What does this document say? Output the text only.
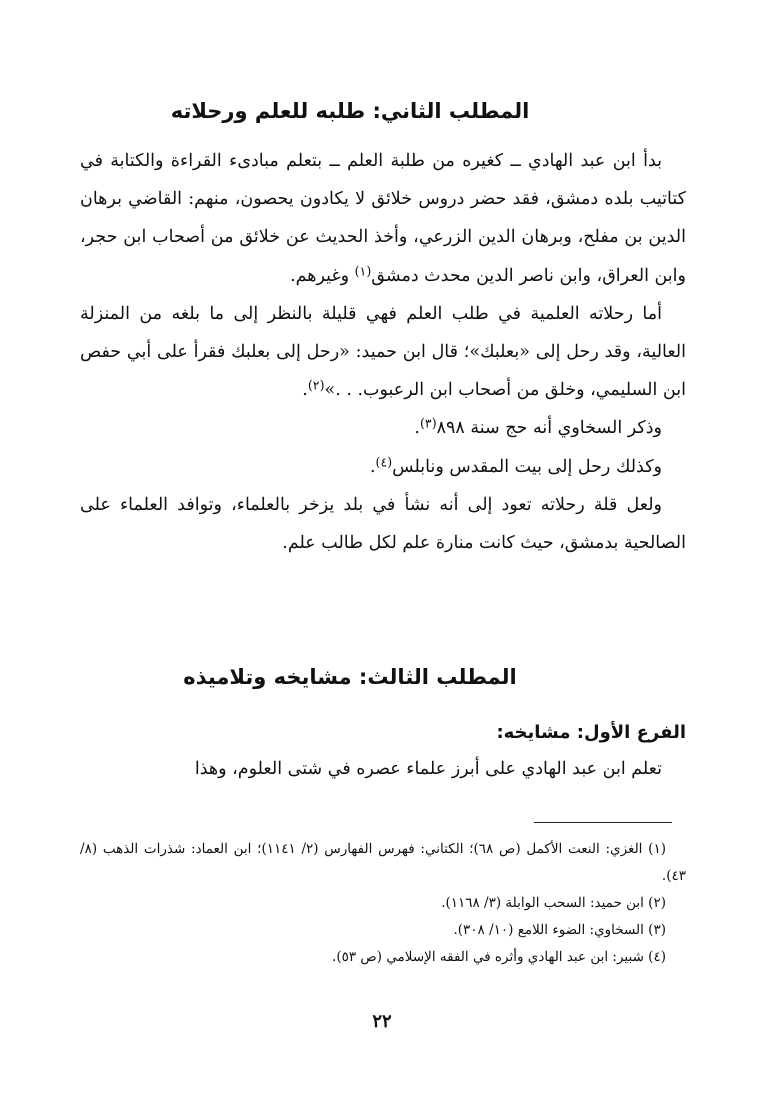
المطلب الثاني: طلبه للعلم ورحلاته

بدأ ابن عبد الهادي ــ كغيره من طلبة العلم ــ بتعلم مبادىء القراءة والكتابة في كتاتيب بلده دمشق، فقد حضر دروس خلائق لا يكادون يحصون، منهم: القاضي برهان الدين بن مفلح، وبرهان الدين الزرعي، وأخذ الحديث عن خلائق من أصحاب ابن حجر، وابن العراق، وابن ناصر الدين محدث دمشق$^{(١)}$ وغيرهم.

أما رحلاته العلمية في طلب العلم فهي قليلة بالنظر إلى ما بلغه من المنزلة العالية، وقد رحل إلى «بعلبك»؛ قال ابن حميد: «رحل إلى بعلبك فقرأ على أبي حفص ابن السليمي، وخلق من أصحاب ابن الرعبوب. . .»$^{(٢)}$.

وذكر السخاوي أنه حج سنة ٨٩٨$^{(٣)}$.

وكذلك رحل إلى بيت المقدس ونابلس$^{(٤)}$.

ولعل قلة رحلاته تعود إلى أنه نشأ في بلد يزخر بالعلماء، وتوافد العلماء على الصالحية بدمشق، حيث كانت منارة علم لكل طالب علم.

المطلب الثالث: مشايخه وتلاميذه
الفرع الأول: مشايخه:

تعلم ابن عبد الهادي على أبرز علماء عصره في شتى العلوم، وهذا

(١) الغزي: النعت الأكمل (ص ٦٨)؛ الكتاني: فهرس الفهارس (٢/ ١١٤١)؛ ابن العماد: شذرات الذهب (٨/ ٤٣).

(٢) ابن حميد: السحب الوابلة (٣/ ١١٦٨).

(٣) السخاوي: الضوء اللامع (١٠/ ٣٠٨).

(٤) شبير: ابن عبد الهادي وأثره في الفقه الإسلامي (ص ٥٣).

٢٢
